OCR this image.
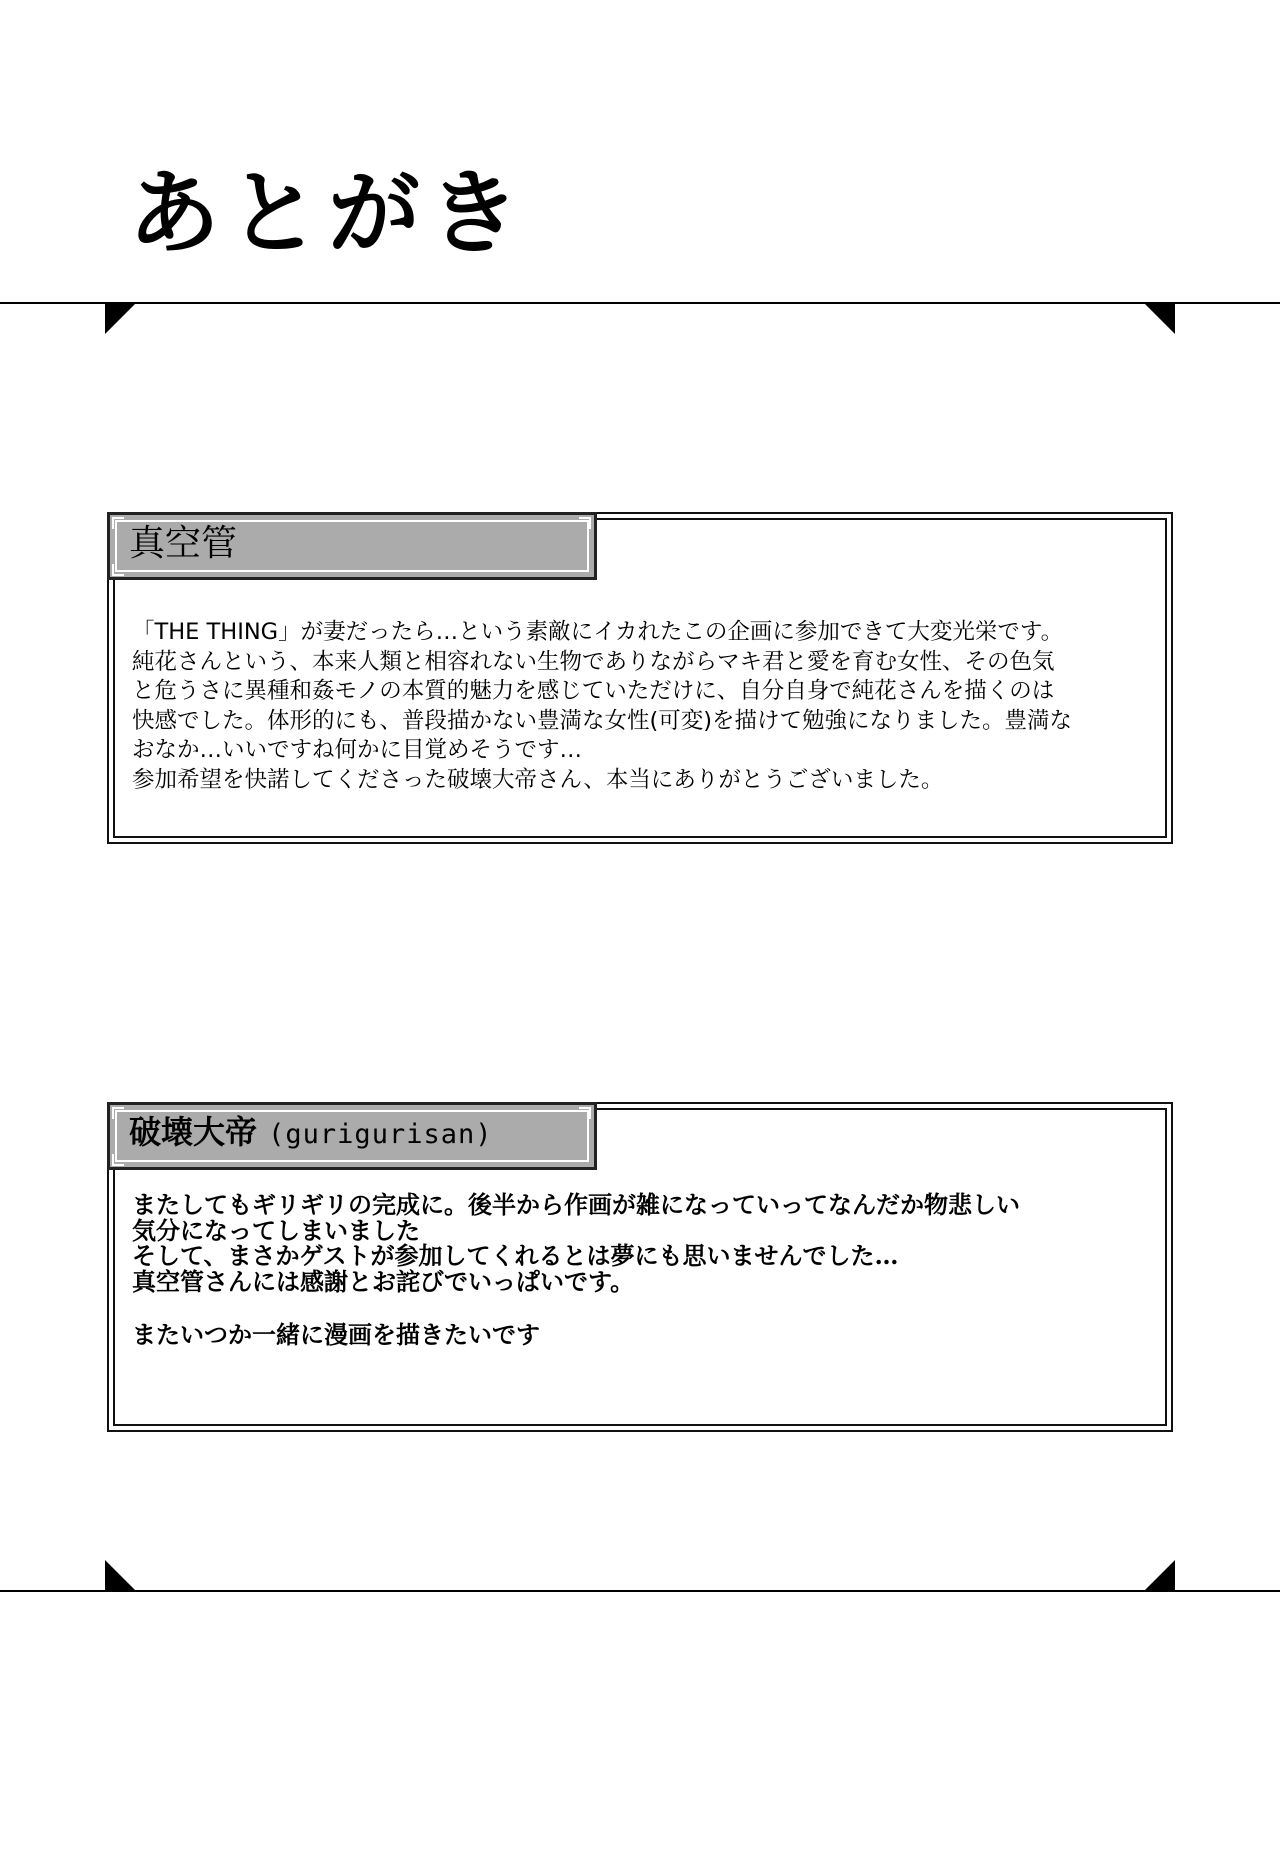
あとがき
真空管
「THE THING」が妻だったら…という素敵にイカれたこの企画に参加できて大変光栄です。
純花さんという、本来人類と相容れない生物でありながらマキ君と愛を育む女性、その色気
と危うさに異種和姦モノの本質的魅力を感じていただけに、自分自身で純花さんを描くのは
快感でした。体形的にも、普段描かない豊満な女性(可変)を描けて勉強になりました。豊満な
おなか…いいですね何かに目覚めそうです…
参加希望を快諾してくださった破壊大帝さん、本当にありがとうございました。
破壊大帝 (gurigurisan)
またしてもギリギリの完成に。後半から作画が雑になっていってなんだか物悲しい
気分になってしまいました
そして、まさかゲストが参加してくれるとは夢にも思いませんでした…
真空管さんには感謝とお詫びでいっぱいです。
またいつか一緒に漫画を描きたいです
